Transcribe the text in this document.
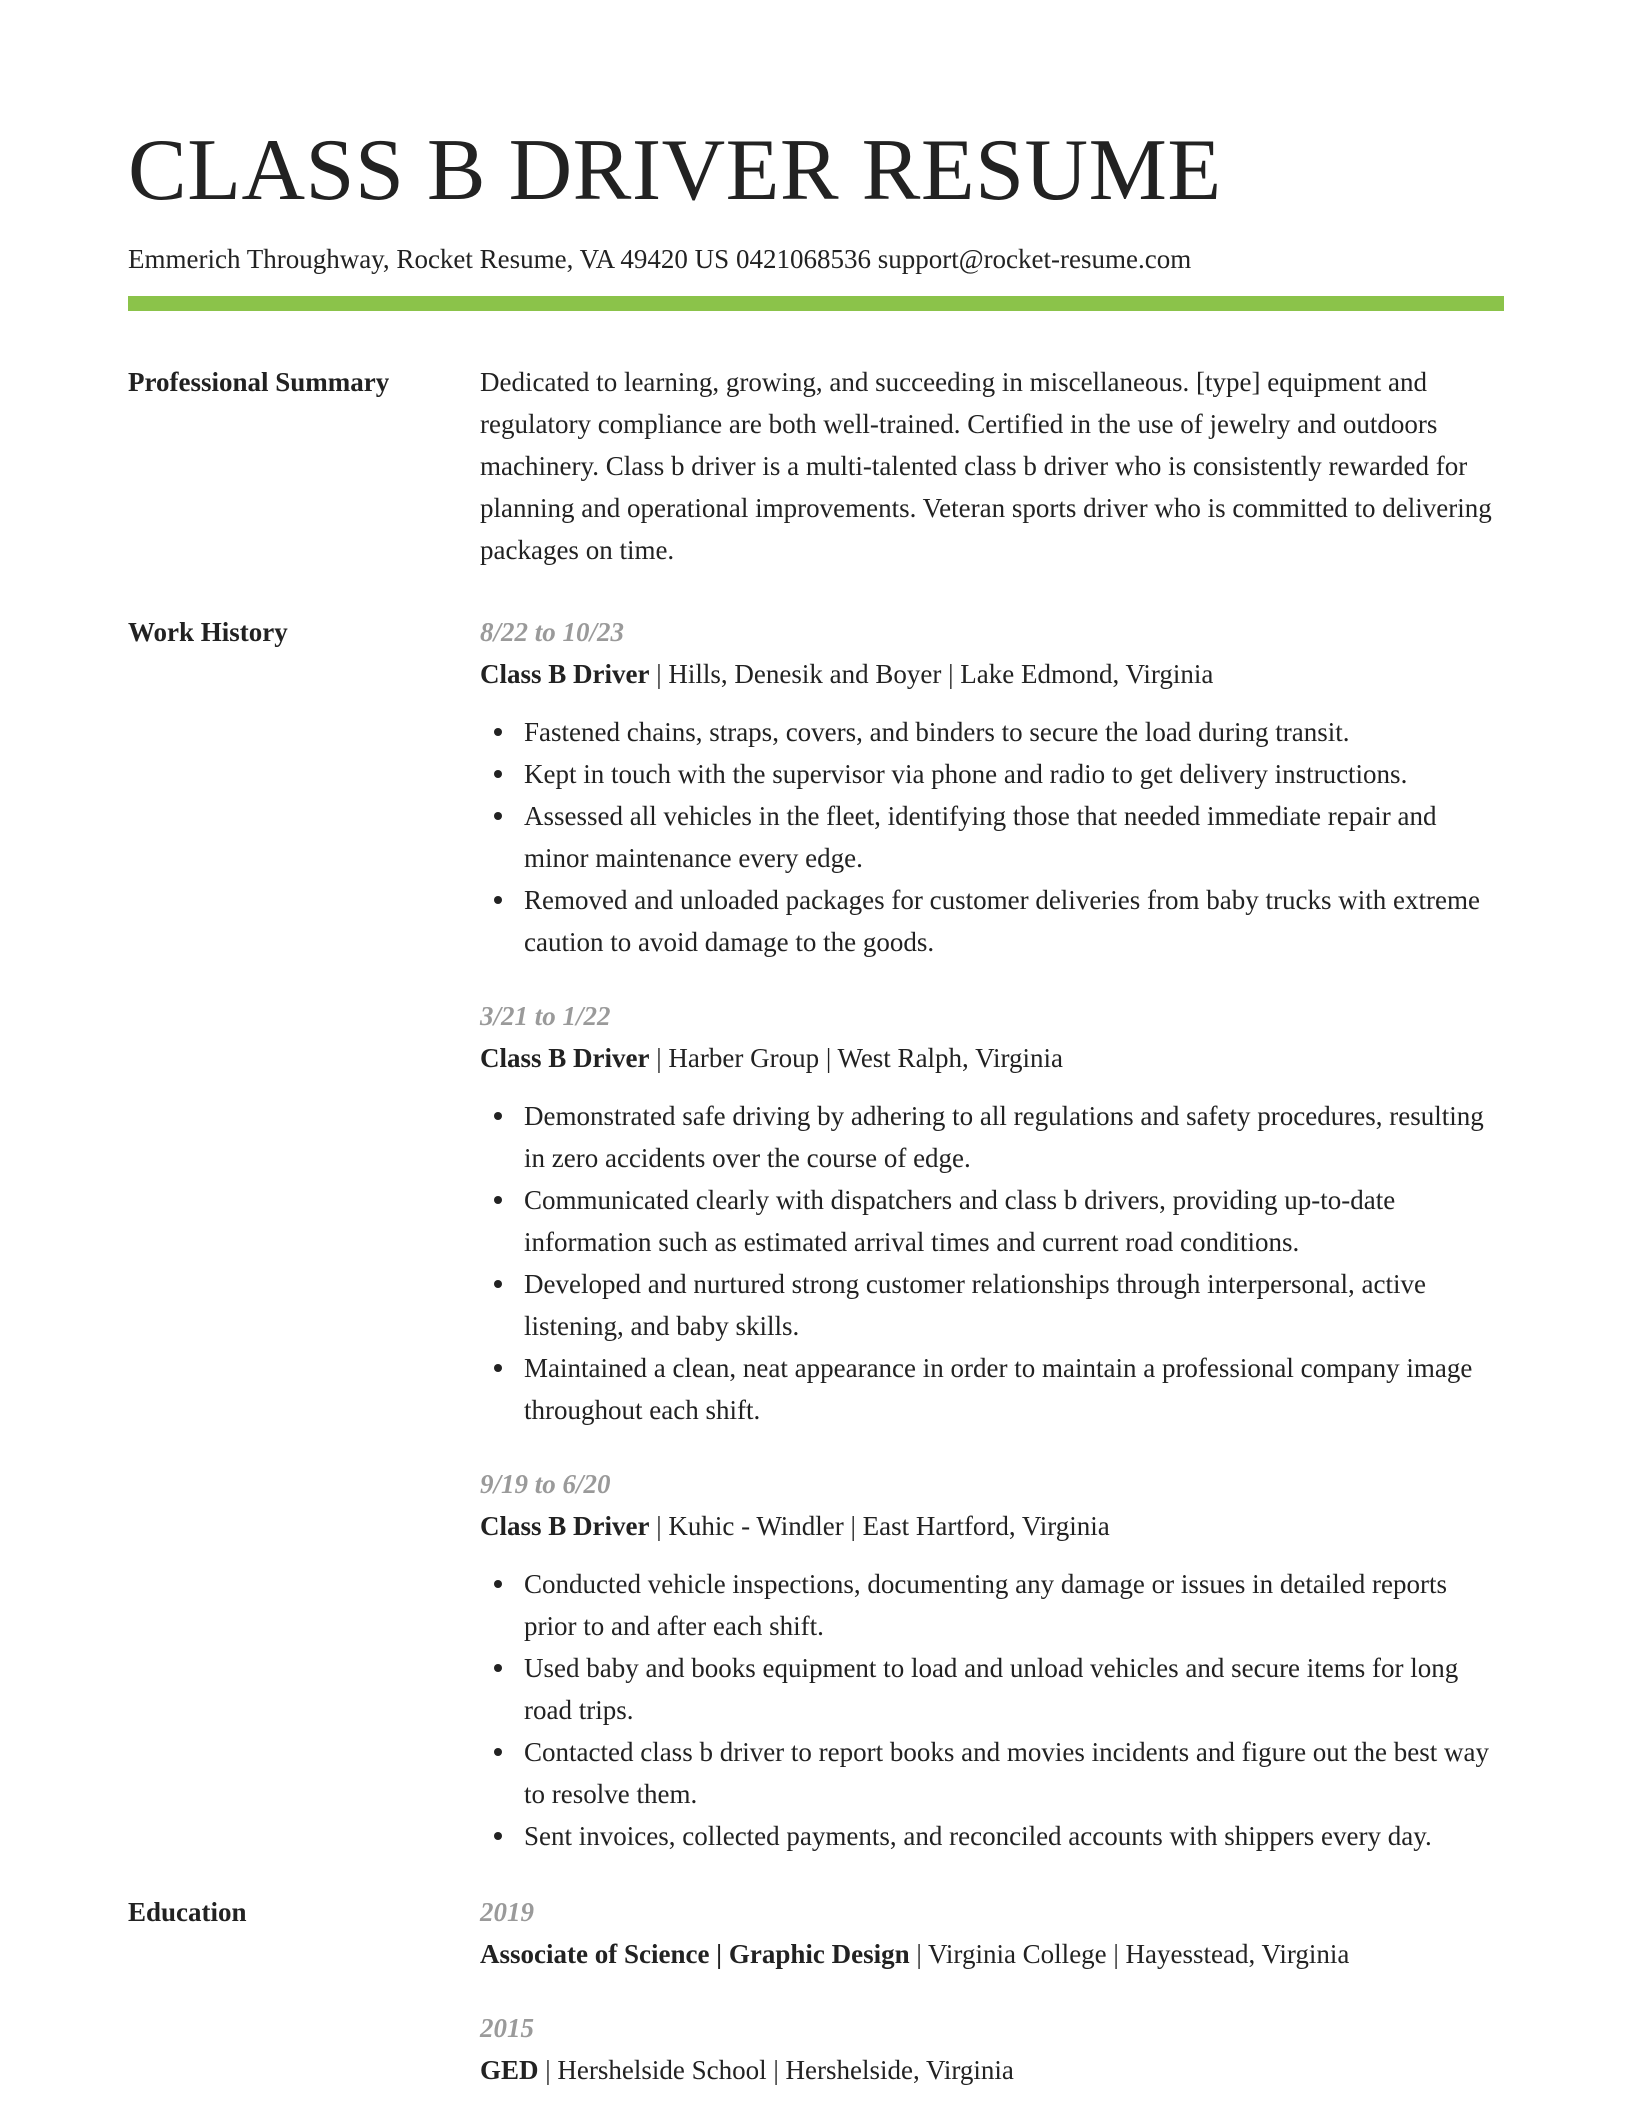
CLASS B DRIVER RESUME
Emmerich Throughway, Rocket Resume, VA 49420 US 0421068536 support@rocket-resume.com
Professional Summary	Dedicated to learning, growing, and succeeding in miscellaneous. [type] equipment and regulatory compliance are both well-trained. Certified in the use of jewelry and outdoors machinery. Class b driver is a multi-talented class b driver who is consistently rewarded for planning and operational improvements. Veteran sports driver who is committed to delivering packages on time.
Work History	8/22 to 10/23
Class B Driver | Hills, Denesik and Boyer | Lake Edmond, Virginia
Fastened chains, straps, covers, and binders to secure the load during transit.
Kept in touch with the supervisor via phone and radio to get delivery instructions.
Assessed all vehicles in the fleet, identifying those that needed immediate repair and minor maintenance every edge.
Removed and unloaded packages for customer deliveries from baby trucks with extreme caution to avoid damage to the goods.
3/21 to 1/22
Class B Driver | Harber Group | West Ralph, Virginia
Demonstrated safe driving by adhering to all regulations and safety procedures, resulting in zero accidents over the course of edge.
Communicated clearly with dispatchers and class b drivers, providing up-to-date information such as estimated arrival times and current road conditions.
Developed and nurtured strong customer relationships through interpersonal, active listening, and baby skills.
Maintained a clean, neat appearance in order to maintain a professional company image throughout each shift.
9/19 to 6/20
Class B Driver | Kuhic - Windler | East Hartford, Virginia
Conducted vehicle inspections, documenting any damage or issues in detailed reports prior to and after each shift.
Used baby and books equipment to load and unload vehicles and secure items for long road trips.
Contacted class b driver to report books and movies incidents and figure out the best way to resolve them.
Sent invoices, collected payments, and reconciled accounts with shippers every day.
Education	2019
Associate of Science | Graphic Design | Virginia College | Hayesstead, Virginia
2015
GED | Hershelside School | Hershelside, Virginia
